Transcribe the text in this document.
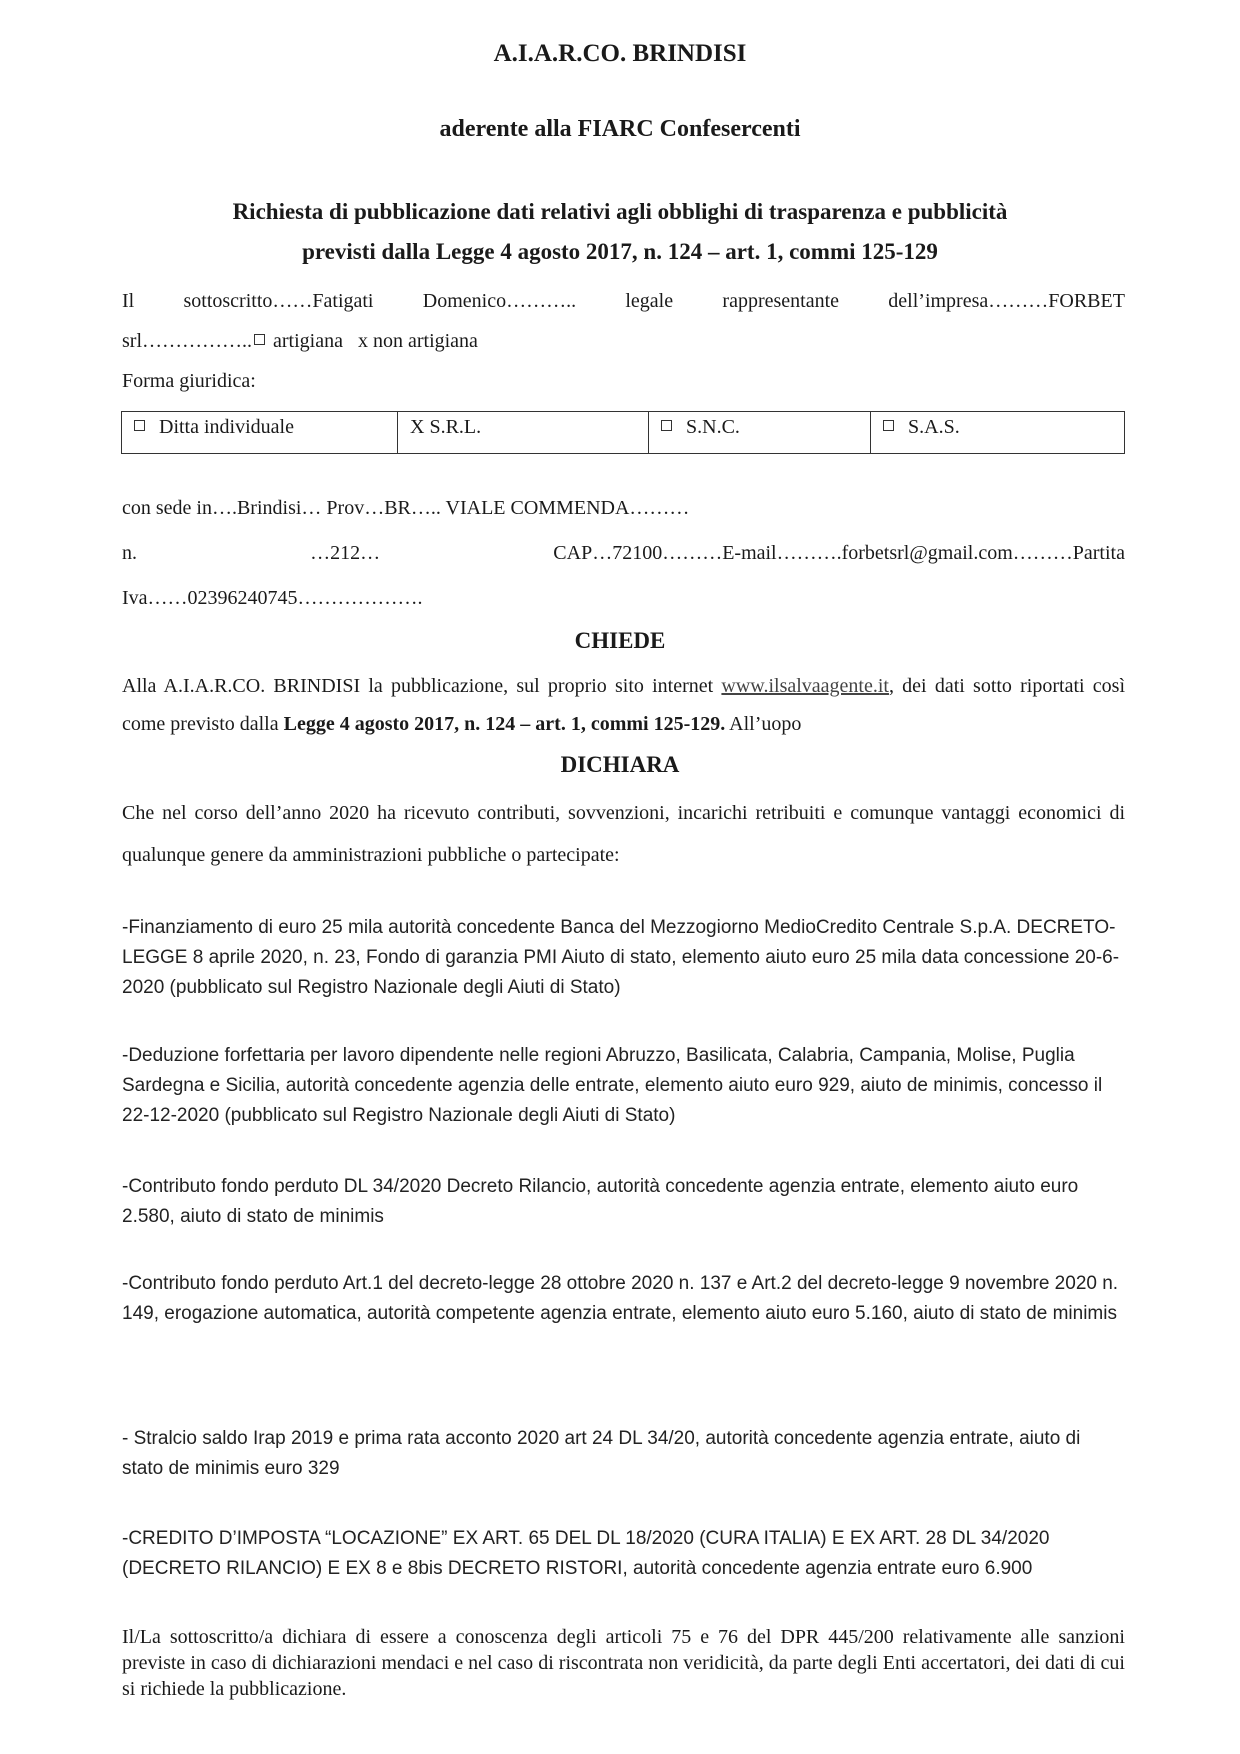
A.I.A.R.CO. BRINDISI
aderente alla FIARC Confesercenti
Richiesta di pubblicazione dati relativi agli obblighi di trasparenza e pubblicità
previsti dalla Legge 4 agosto 2017, n. 124 – art. 1, commi 125-129
Il sottoscritto……Fatigati Domenico……….. legale rappresentante dell’impresa………FORBET
srl…………….. artigiana x non artigiana
Forma giuridica:
Ditta individuale	X S.R.L.	S.N.C.	S.A.S.
con sede in….Brindisi… Prov…BR….. VIALE COMMENDA………
n.	…212…	CAP…72100………E-mail……….forbetsrl@gmail.com………Partita
Iva……02396240745……………….
CHIEDE
Alla A.I.A.R.CO. BRINDISI la pubblicazione, sul proprio sito internet www.ilsalvaagente.it, dei dati sotto riportati così come previsto dalla Legge 4 agosto 2017, n. 124 – art. 1, commi 125-129. All’uopo
DICHIARA
Che nel corso dell’anno 2020 ha ricevuto contributi, sovvenzioni, incarichi retribuiti e comunque vantaggi economici di qualunque genere da amministrazioni pubbliche o partecipate:
-Finanziamento di euro 25 mila autorità concedente Banca del Mezzogiorno MedioCredito Centrale S.p.A. DECRETO-LEGGE 8 aprile 2020, n. 23, Fondo di garanzia PMI Aiuto di stato, elemento aiuto euro 25 mila data concessione 20-6-2020 (pubblicato sul Registro Nazionale degli Aiuti di Stato)
-Deduzione forfettaria per lavoro dipendente nelle regioni Abruzzo, Basilicata, Calabria, Campania, Molise, Puglia Sardegna e Sicilia, autorità concedente agenzia delle entrate, elemento aiuto euro 929, aiuto de minimis, concesso il 22-12-2020 (pubblicato sul Registro Nazionale degli Aiuti di Stato)
-Contributo fondo perduto DL 34/2020 Decreto Rilancio, autorità concedente agenzia entrate, elemento aiuto euro 2.580, aiuto di stato de minimis
-Contributo fondo perduto Art.1 del decreto-legge 28 ottobre 2020 n. 137 e Art.2 del decreto-legge 9 novembre 2020 n. 149, erogazione automatica, autorità competente agenzia entrate, elemento aiuto euro 5.160, aiuto di stato de minimis
- Stralcio saldo Irap 2019 e prima rata acconto 2020 art 24 DL 34/20, autorità concedente agenzia entrate, aiuto di stato de minimis euro 329
-CREDITO D’IMPOSTA “LOCAZIONE” EX ART. 65 DEL DL 18/2020 (CURA ITALIA) E EX ART. 28 DL 34/2020 (DECRETO RILANCIO) E EX 8 e 8bis DECRETO RISTORI, autorità concedente agenzia entrate euro 6.900
Il/La sottoscritto/a dichiara di essere a conoscenza degli articoli 75 e 76 del DPR 445/200 relativamente alle sanzioni previste in caso di dichiarazioni mendaci e nel caso di riscontrata non veridicità, da parte degli Enti accertatori, dei dati di cui si richiede la pubblicazione.
